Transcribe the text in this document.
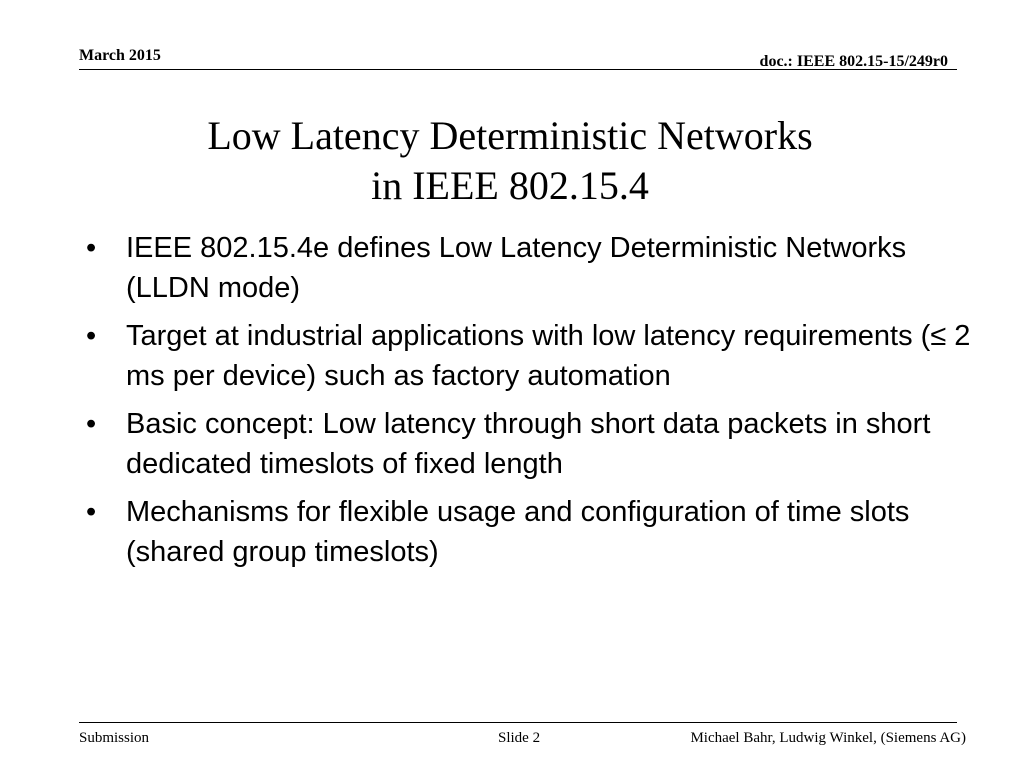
March 2015	doc.: IEEE 802.15-15/249r0
Low Latency Deterministic Networks
in IEEE 802.15.4
• IEEE 802.15.4e defines Low Latency Deterministic Networks (LLDN mode)
• Target at industrial applications with low latency requirements (≤ 2 ms per device) such as factory automation
• Basic concept: Low latency through short data packets in short dedicated timeslots of fixed length
• Mechanisms for flexible usage and configuration of time slots (shared group timeslots)
Submission	Slide 2	Michael Bahr, Ludwig Winkel, (Siemens AG)
